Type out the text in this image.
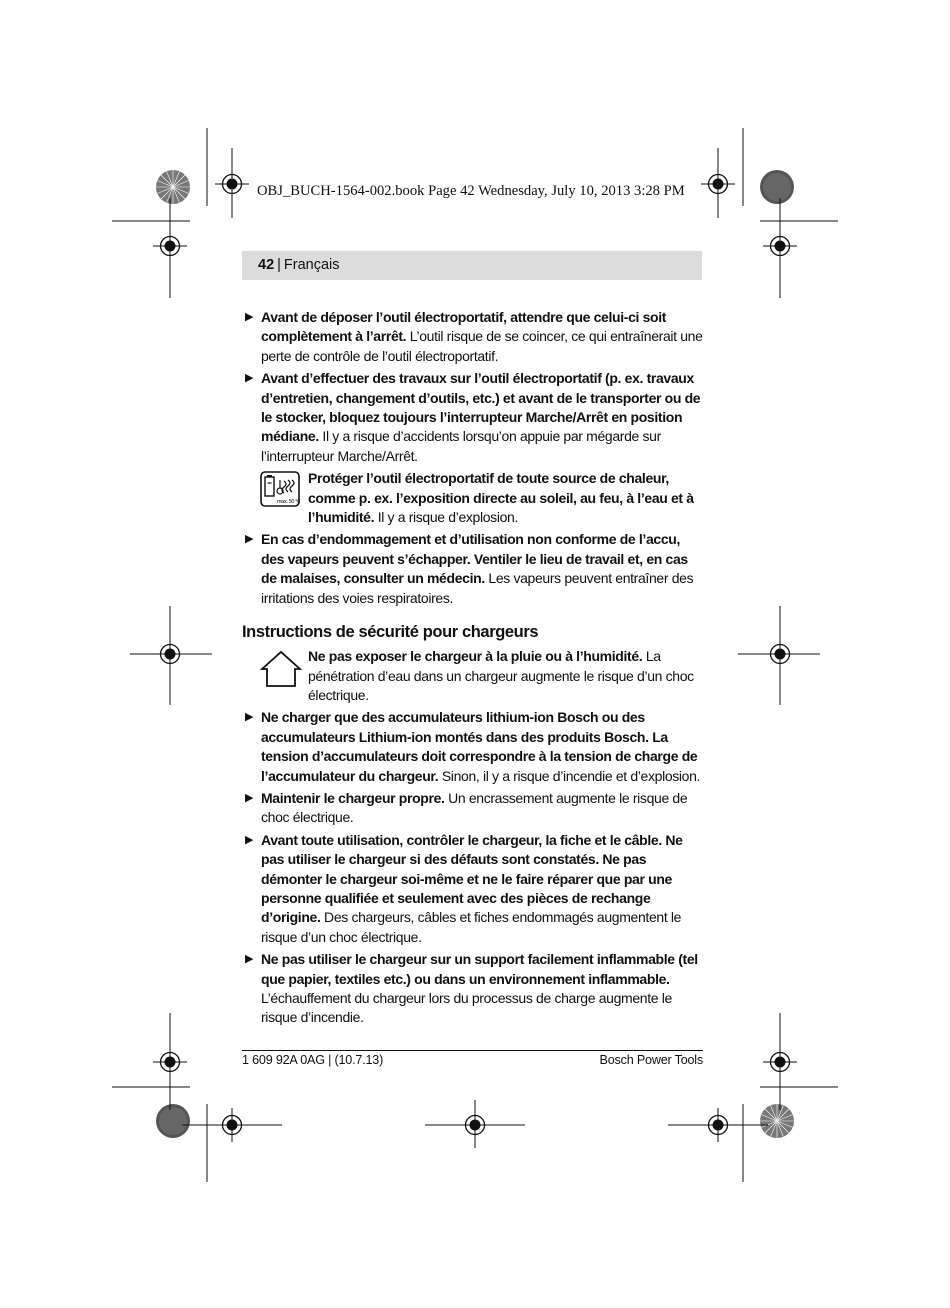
OBJ_BUCH-1564-002.book Page 42 Wednesday, July 10, 2013 3:28 PM
42 | Français
▶ Avant de déposer l’outil électroportatif, attendre que celui-ci soit complètement à l’arrêt. L’outil risque de se coincer, ce qui entraînerait une perte de contrôle de l’outil électroportatif.
▶ Avant d’effectuer des travaux sur l’outil électroportatif (p. ex. travaux d’entretien, changement d’outils, etc.) et avant de le transporter ou de le stocker, bloquez toujours l’interrupteur Marche/Arrêt en position médiane. Il y a risque d’accidents lorsqu’on appuie par mégarde sur l’interrupteur Marche/Arrêt.
max. 50 °C
Protéger l’outil électroportatif de toute source de chaleur, comme p. ex. l’exposition directe au soleil, au feu, à l’eau et à l’humidité. Il y a risque d’explosion.
▶ En cas d’endommagement et d’utilisation non conforme de l’accu, des vapeurs peuvent s’échapper. Ventiler le lieu de travail et, en cas de malaises, consulter un médecin. Les vapeurs peuvent entraîner des irritations des voies respiratoires.
Instructions de sécurité pour chargeurs
Ne pas exposer le chargeur à la pluie ou à l’humidité. La pénétration d’eau dans un chargeur augmente le risque d’un choc électrique.
▶ Ne charger que des accumulateurs lithium-ion Bosch ou des accumulateurs Lithium-ion montés dans des produits Bosch. La tension d’accumulateurs doit correspondre à la tension de charge de l’accumulateur du chargeur. Sinon, il y a risque d’incendie et d’explosion.
▶ Maintenir le chargeur propre. Un encrassement augmente le risque de choc électrique.
▶ Avant toute utilisation, contrôler le chargeur, la fiche et le câble. Ne pas utiliser le chargeur si des défauts sont constatés. Ne pas démonter le chargeur soi-même et ne le faire réparer que par une personne qualifiée et seulement avec des pièces de rechange d’origine. Des chargeurs, câbles et fiches endommagés augmentent le risque d’un choc électrique.
▶ Ne pas utiliser le chargeur sur un support facilement inflammable (tel que papier, textiles etc.) ou dans un environnement inflammable. L’échauffement du chargeur lors du processus de charge augmente le risque d’incendie.
1 609 92A 0AG | (10.7.13)	Bosch Power Tools
